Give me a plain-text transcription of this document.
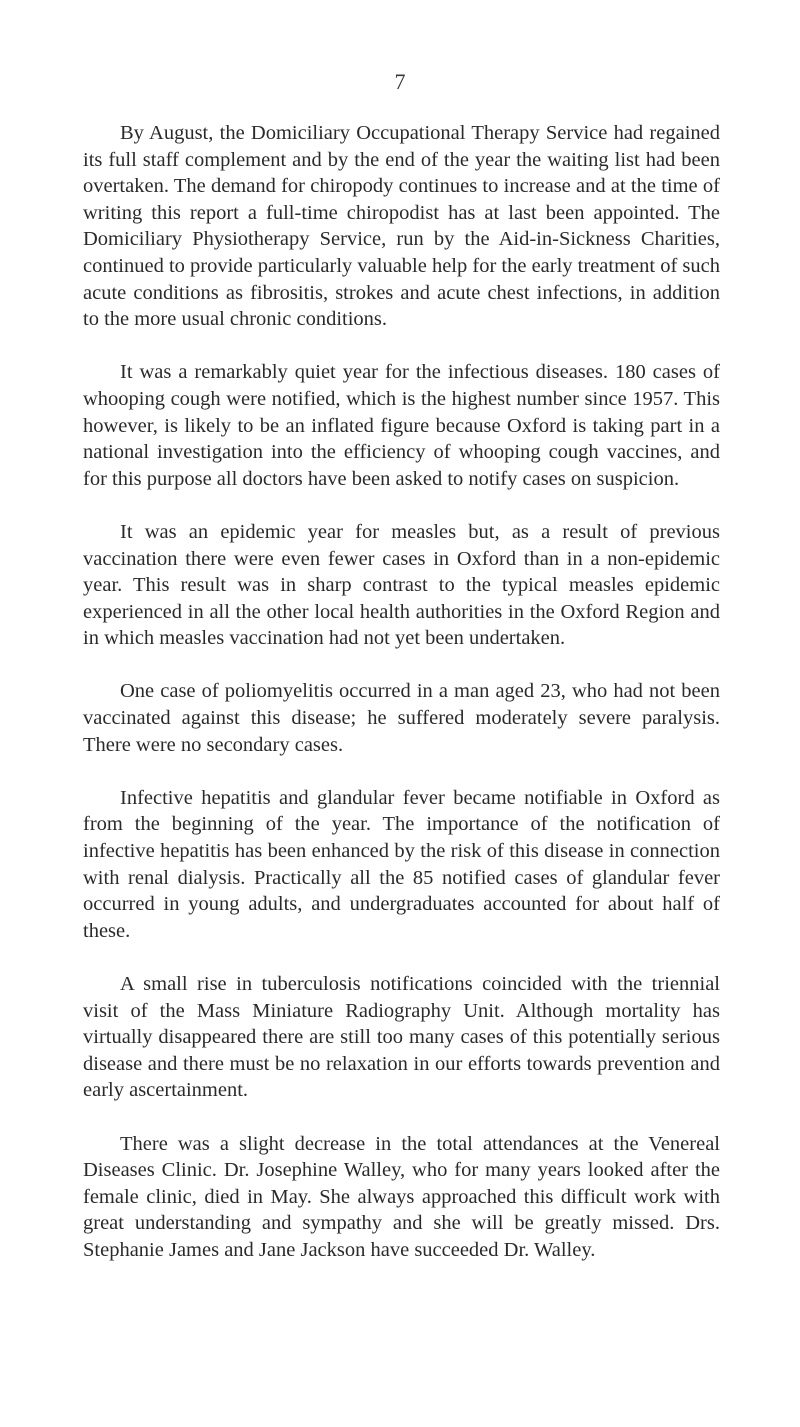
7

By August, the Domiciliary Occupational Therapy Service had regained its full staff complement and by the end of the year the waiting list had been overtaken. The demand for chiropody continues to increase and at the time of writing this report a full-time chiropodist has at last been appointed. The Domiciliary Physiotherapy Service, run by the Aid-in-Sickness Charities, continued to provide particularly valuable help for the early treatment of such acute conditions as fibrositis, strokes and acute chest infections, in addition to the more usual chronic conditions.

It was a remarkably quiet year for the infectious diseases. 180 cases of whooping cough were notified, which is the highest number since 1957. This however, is likely to be an inflated figure because Oxford is taking part in a national investigation into the efficiency of whooping cough vaccines, and for this purpose all doctors have been asked to notify cases on suspicion.

It was an epidemic year for measles but, as a result of previous vaccination there were even fewer cases in Oxford than in a non-epidemic year. This result was in sharp contrast to the typical measles epidemic experienced in all the other local health authorities in the Oxford Region and in which measles vaccination had not yet been undertaken.

One case of poliomyelitis occurred in a man aged 23, who had not been vaccinated against this disease; he suffered moderately severe paralysis. There were no secondary cases.

Infective hepatitis and glandular fever became notifiable in Oxford as from the beginning of the year. The importance of the notification of infective hepatitis has been enhanced by the risk of this disease in connection with renal dialysis. Practically all the 85 notified cases of glandular fever occurred in young adults, and undergraduates accounted for about half of these.

A small rise in tuberculosis notifications coincided with the triennial visit of the Mass Miniature Radiography Unit. Although mortality has virtually disappeared there are still too many cases of this potentially serious disease and there must be no relaxation in our efforts towards prevention and early ascertainment.

There was a slight decrease in the total attendances at the Venereal Diseases Clinic. Dr. Josephine Walley, who for many years looked after the female clinic, died in May. She always approached this difficult work with great understanding and sympathy and she will be greatly missed. Drs. Stephanie James and Jane Jackson have succeeded Dr. Walley.
